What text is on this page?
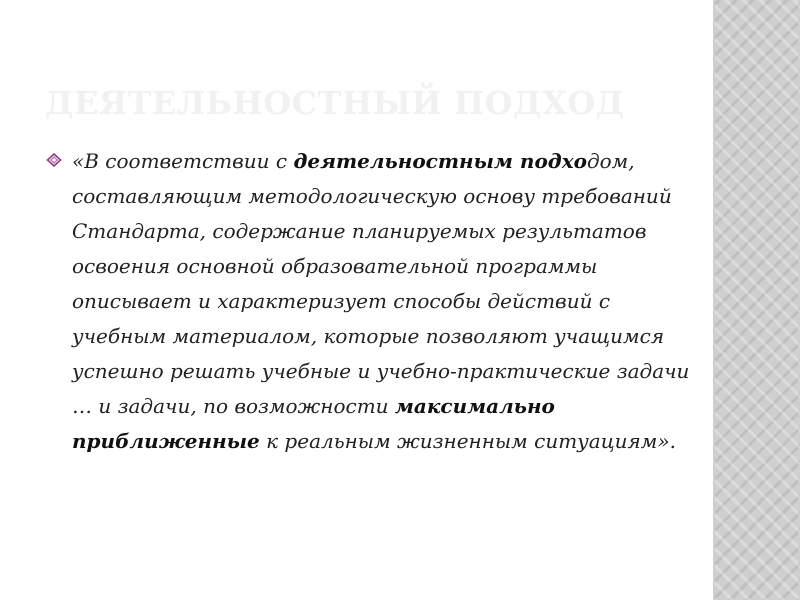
ДЕЯТЕЛЬНОСТНЫЙ ПОДХОД
«В соответствии с деятельностным подходом, составляющим методологическую основу требований Стандарта, содержание планируемых результатов освоения основной образовательной программы описывает и характеризует способы действий с учебным материалом, которые позволяют учащимся успешно решать учебные и учебно-практические задачи … и задачи, по возможности максимально приближенные к реальным жизненным ситуациям».
